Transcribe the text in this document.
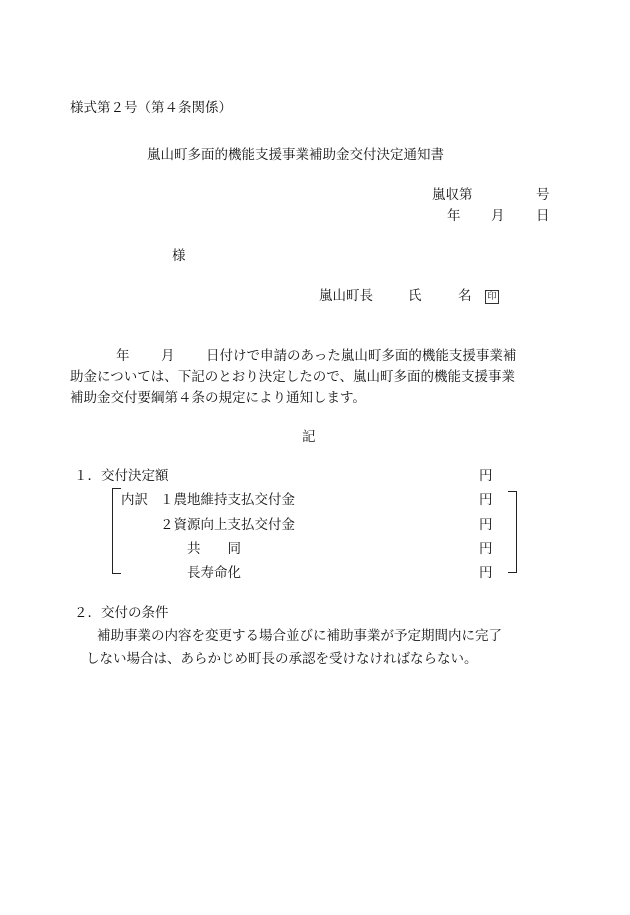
様式第２号（第４条関係）
嵐山町多面的機能支援事業補助金交付決定通知書
嵐収第	号
年 月 日
様
嵐山町長	氏	名 印
年 月 日付けで申請のあった嵐山町多面的機能支援事業補
助金については、下記のとおり決定したので、嵐山町多面的機能支援事業
補助金交付要綱第４条の規定により通知します。
記
１．交付決定額	円
内訳 １農地維持支払交付金	円
２資源向上支払交付金	円
共　　同	円
長寿命化	円
２．交付の条件
補助事業の内容を変更する場合並びに補助事業が予定期間内に完了
しない場合は、あらかじめ町長の承認を受けなければならない。
